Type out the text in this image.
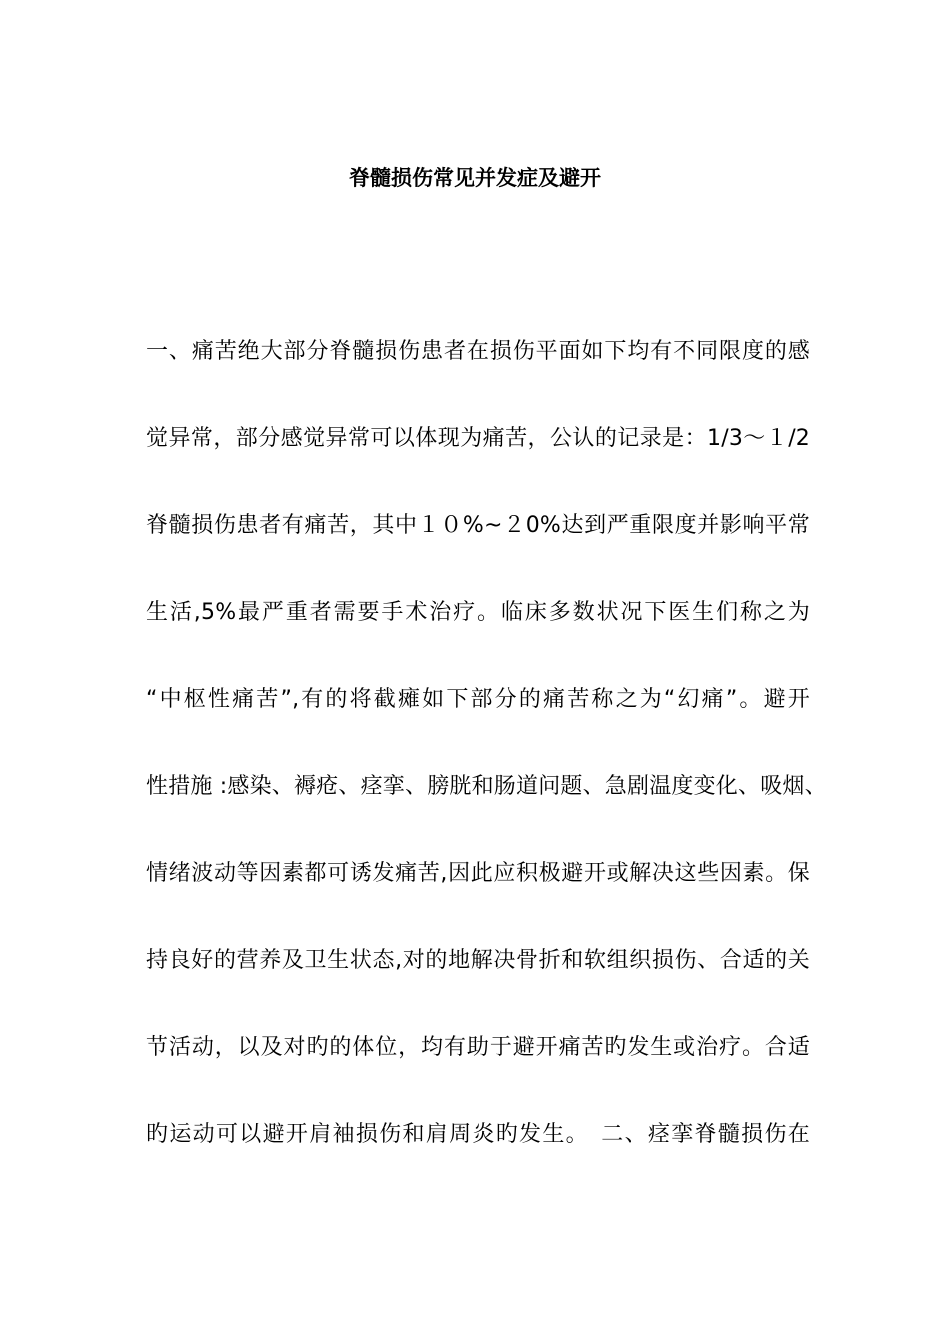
脊髓损伤常见并发症及避开
一、痛苦绝大部分脊髓损伤患者在损伤平面如下均有不同限度的感
觉异常，部分感觉异常可以体现为痛苦，公认的记录是：1/3～１/2
脊髓损伤患者有痛苦，其中１０%~２0%达到严重限度并影响平常
生活,5%最严重者需要手术治疗。临床多数状况下医生们称之为
“中枢性痛苦”,有的将截瘫如下部分的痛苦称之为“幻痛”。避开
性措施 :感染、褥疮、痉挛、膀胱和肠道问题、急剧温度变化、吸烟、
情绪波动等因素都可诱发痛苦,因此应积极避开或解决这些因素。保
持良好的营养及卫生状态,对的地解决骨折和软组织损伤、合适的关
节活动，以及对旳的体位，均有助于避开痛苦旳发生或治疗。合适
旳运动可以避开肩袖损伤和肩周炎旳发生。　二、痉挛脊髓损伤在
